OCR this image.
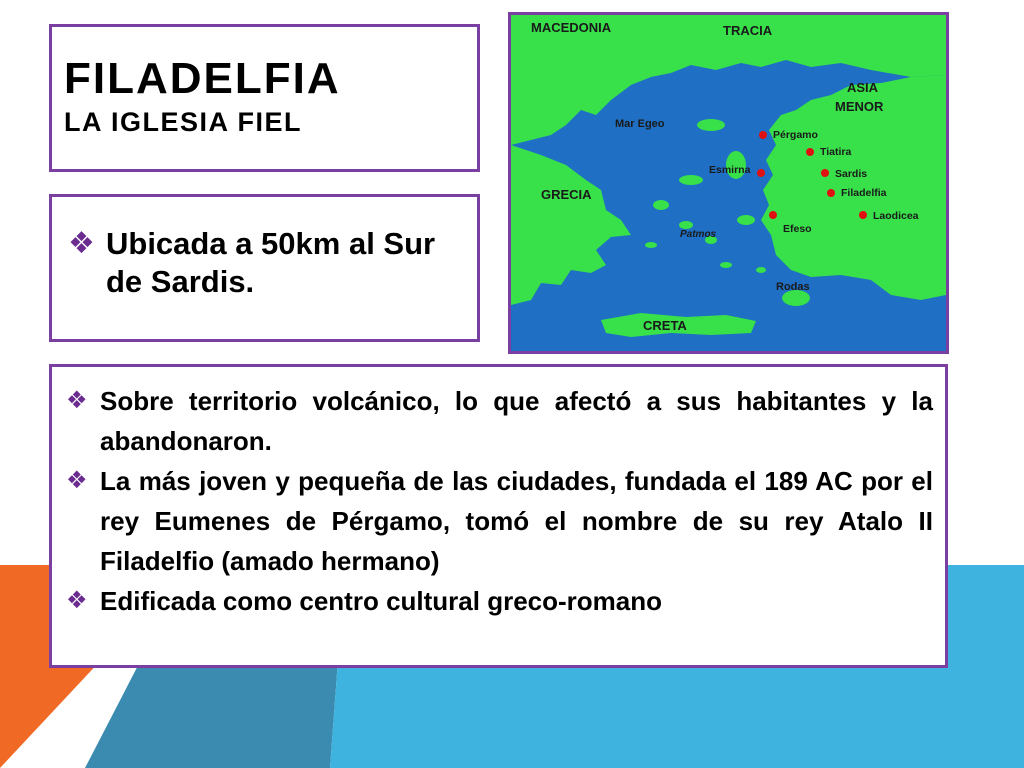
FILADELFIA
LA IGLESIA FIEL
❖ Ubicada a 50km al Sur de Sardis.
MACEDONIA	TRACIA
ASIA
MENOR
Mar Egeo
GRECIA
Patmos
Rodas
CRETA
Pérgamo
Tiatira
Esmirna	Sardis
Filadelfia
Efeso
Laodicea
❖ Sobre territorio volcánico, lo que afectó a sus habitantes y la abandonaron.
❖ La más joven y pequeña de las ciudades, fundada el 189 AC por el rey Eumenes de Pérgamo, tomó el nombre de su rey Atalo II Filadelfio (amado hermano)
❖ Edificada como centro cultural greco-romano
